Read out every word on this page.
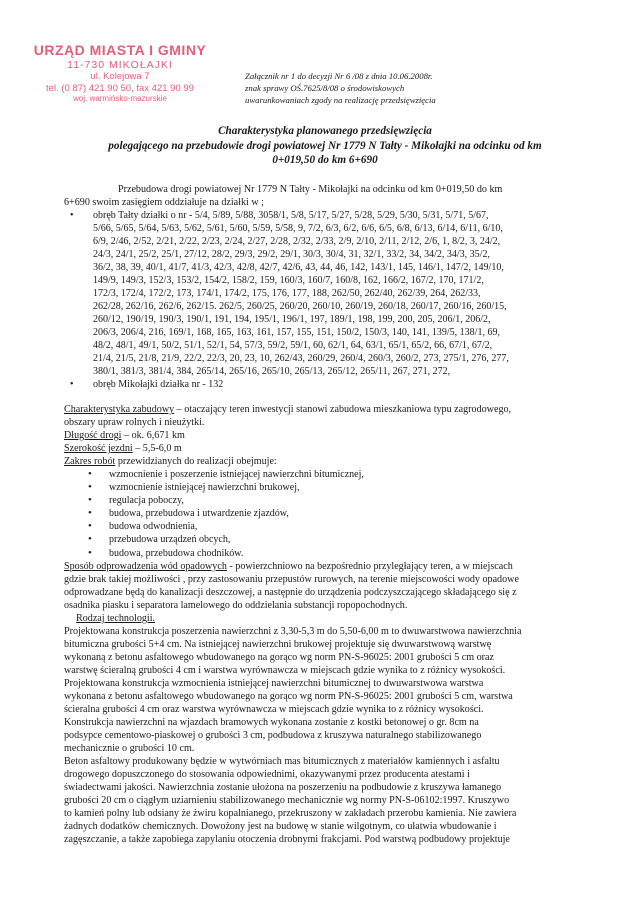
URZĄD MIASTA I GMINY
11-730 MIKOŁAJKI
ul. Kolejowa 7
tel. (0 87) 421 90 50, fax 421 90 99
woj. warmińsko-mazurskie
Załącznik nr 1 do decyzji Nr 6 /08 z dnia 10.06.2008r.
znak sprawy OŚ.7625/8/08 o środowiskowych
uwarunkowaniach zgody na realizację przedsięwzięcia
Charakterystyka planowanego przedsięwzięcia
polegającego na przebudowie drogi powiatowej Nr 1779 N Tałty - Mikołajki na odcinku od km
0+019,50 do km 6+690
Przebudowa drogi powiatowej Nr 1779 N Tałty - Mikołajki na odcinku od km 0+019,50 do km
6+690 swoim zasięgiem oddziałuje na działki w ;
• obręb Tałty działki o nr - 5/4, 5/89, 5/88, 3058/1, 5/8, 5/17, 5/27, 5/28, 5/29, 5/30, 5/31, 5/71, 5/67,
5/66, 5/65, 5/64, 5/63, 5/62, 5/61, 5/60, 5/59, 5/58, 9, 7/2, 6/3, 6/2, 6/6, 6/5, 6/8, 6/13, 6/14, 6/11, 6/10,
6/9, 2/46, 2/52, 2/21, 2/22, 2/23, 2/24, 2/27, 2/28, 2/32, 2/33, 2/9, 2/10, 2/11, 2/12, 2/6, 1, 8/2, 3, 24/2,
24/3, 24/1, 25/2, 25/1, 27/12, 28/2, 29/3, 29/2, 29/1, 30/3, 30/4, 31, 32/1, 33/2, 34, 34/2, 34/3, 35/2,
36/2, 38, 39, 40/1, 41/7, 41/3, 42/3, 42/8, 42/7, 42/6, 43, 44, 46, 142, 143/1, 145, 146/1, 147/2, 149/10,
149/9, 149/3, 152/3, 153/2, 154/2, 158/2, 159, 160/3, 160/7, 160/8, 162, 166/2, 167/2, 170, 171/2,
172/3, 172/4, 172/2, 173, 174/1, 174/2, 175, 176, 177, 188, 262/50, 262/40, 262/39, 264, 262/33,
262/28, 262/16, 262/6, 262/15. 262/5, 260/25, 260/20, 260/10, 260/19, 260/18, 260/17, 260/16, 260/15,
260/12, 190/19, 190/3, 190/1, 191, 194, 195/1, 196/1, 197, 189/1, 198, 199, 200, 205, 206/1, 206/2,
206/3, 206/4, 216, 169/1, 168, 165, 163, 161, 157, 155, 151, 150/2, 150/3, 140, 141, 139/5, 138/1, 69,
48/2, 48/1, 49/1, 50/2, 51/1, 52/1, 54, 57/3, 59/2, 59/1, 60, 62/1, 64, 63/1, 65/1, 65/2, 66, 67/1, 67/2,
21/4, 21/5, 21/8, 21/9, 22/2, 22/3, 20, 23, 10, 262/43, 260/29, 260/4, 260/3, 260/2, 273, 275/1, 276, 277,
380/1, 381/3, 381/4, 384, 265/14, 265/16, 265/10, 265/13, 265/12, 265/11, 267, 271, 272,
• obręb Mikołajki działka nr - 132
Charakterystyka zabudowy – otaczający teren inwestycji stanowi zabudowa mieszkaniowa typu zagrodowego,
obszary upraw rolnych i nieużytki.
Długość drogi – ok. 6,671 km
Szerokość jezdni – 5,5-6,0 m
Zakres robót przewidzianych do realizacji obejmuje:
• wzmocnienie i poszerzenie istniejącej nawierzchni bitumicznej,
• wzmocnienie istniejącej nawierzchni brukowej,
• regulacja poboczy,
• budowa, przebudowa i utwardzenie zjazdów,
• budowa odwodnienia,
• przebudowa urządzeń obcych,
• budowa, przebudowa chodników.
Sposób odprowadzenia wód opadowych - powierzchniowo na bezpośrednio przyległający teren, a w miejscach
gdzie brak takiej możliwości , przy zastosowaniu przepustów rurowych, na terenie miejscowości wody opadowe
odprowadzane będą do kanalizacji deszczowej, a następnie do urządzenia podczyszczającego składającego się z
osadnika piasku i separatora lamelowego do oddzielania substancji ropopochodnych.
Rodzaj technologii.
Projektowana konstrukcja poszerzenia nawierzchni z 3,30-5,3 m do 5,50-6,00 m to dwuwarstwowa nawierzchnia
bitumiczna grubości 5+4 cm. Na istniejącej nawierzchni brukowej projektuje się dwuwarstwową warstwę
wykonaną z betonu asfaltowego wbudowanego na gorąco wg norm PN-S-96025: 2001 grubości 5 cm oraz
warstwę ścieralną grubości 4 cm i warstwa wyrównawcza w miejscach gdzie wynika to z różnicy wysokości.
Projektowana konstrukcja wzmocnienia istniejącej nawierzchni bitumicznej to dwuwarstwowa warstwa
wykonana z betonu asfaltowego wbudowanego na gorąco wg norm PN-S-96025: 2001 grubości 5 cm, warstwa
ścieralna grubości 4 cm oraz warstwa wyrównawcza w miejscach gdzie wynika to z różnicy wysokości.
Konstrukcja nawierzchni na wjazdach bramowych wykonana zostanie z kostki betonowej o gr. 8cm na
podsypce cementowo-piaskowej o grubości 3 cm, podbudowa z kruszywa naturalnego stabilizowanego
mechanicznie o grubości 10 cm.
Beton asfaltowy produkowany będzie w wytwórniach mas bitumicznych z materiałów kamiennych i asfaltu
drogowego dopuszczonego do stosowania odpowiednimi, okazywanymi przez producenta atestami i
świadectwami jakości. Nawierzchnia zostanie ułożona na poszerzeniu na podbudowie z kruszywa łamanego
grubości 20 cm o ciągłym uziarnieniu stabilizowanego mechanicznie wg normy PN-S-06102:1997. Kruszywo
to kamień polny lub odsiany że żwiru kopalnianego, przekruszony w zakładach przerobu kamienia. Nie zawiera
żadnych dodatków chemicznych. Dowożony jest na budowę w stanie wilgotnym, co ułatwia wbudowanie i
zagęszczanie, a także zapobiega zapylaniu otoczenia drobnymi frakcjami. Pod warstwą podbudowy projektuje
